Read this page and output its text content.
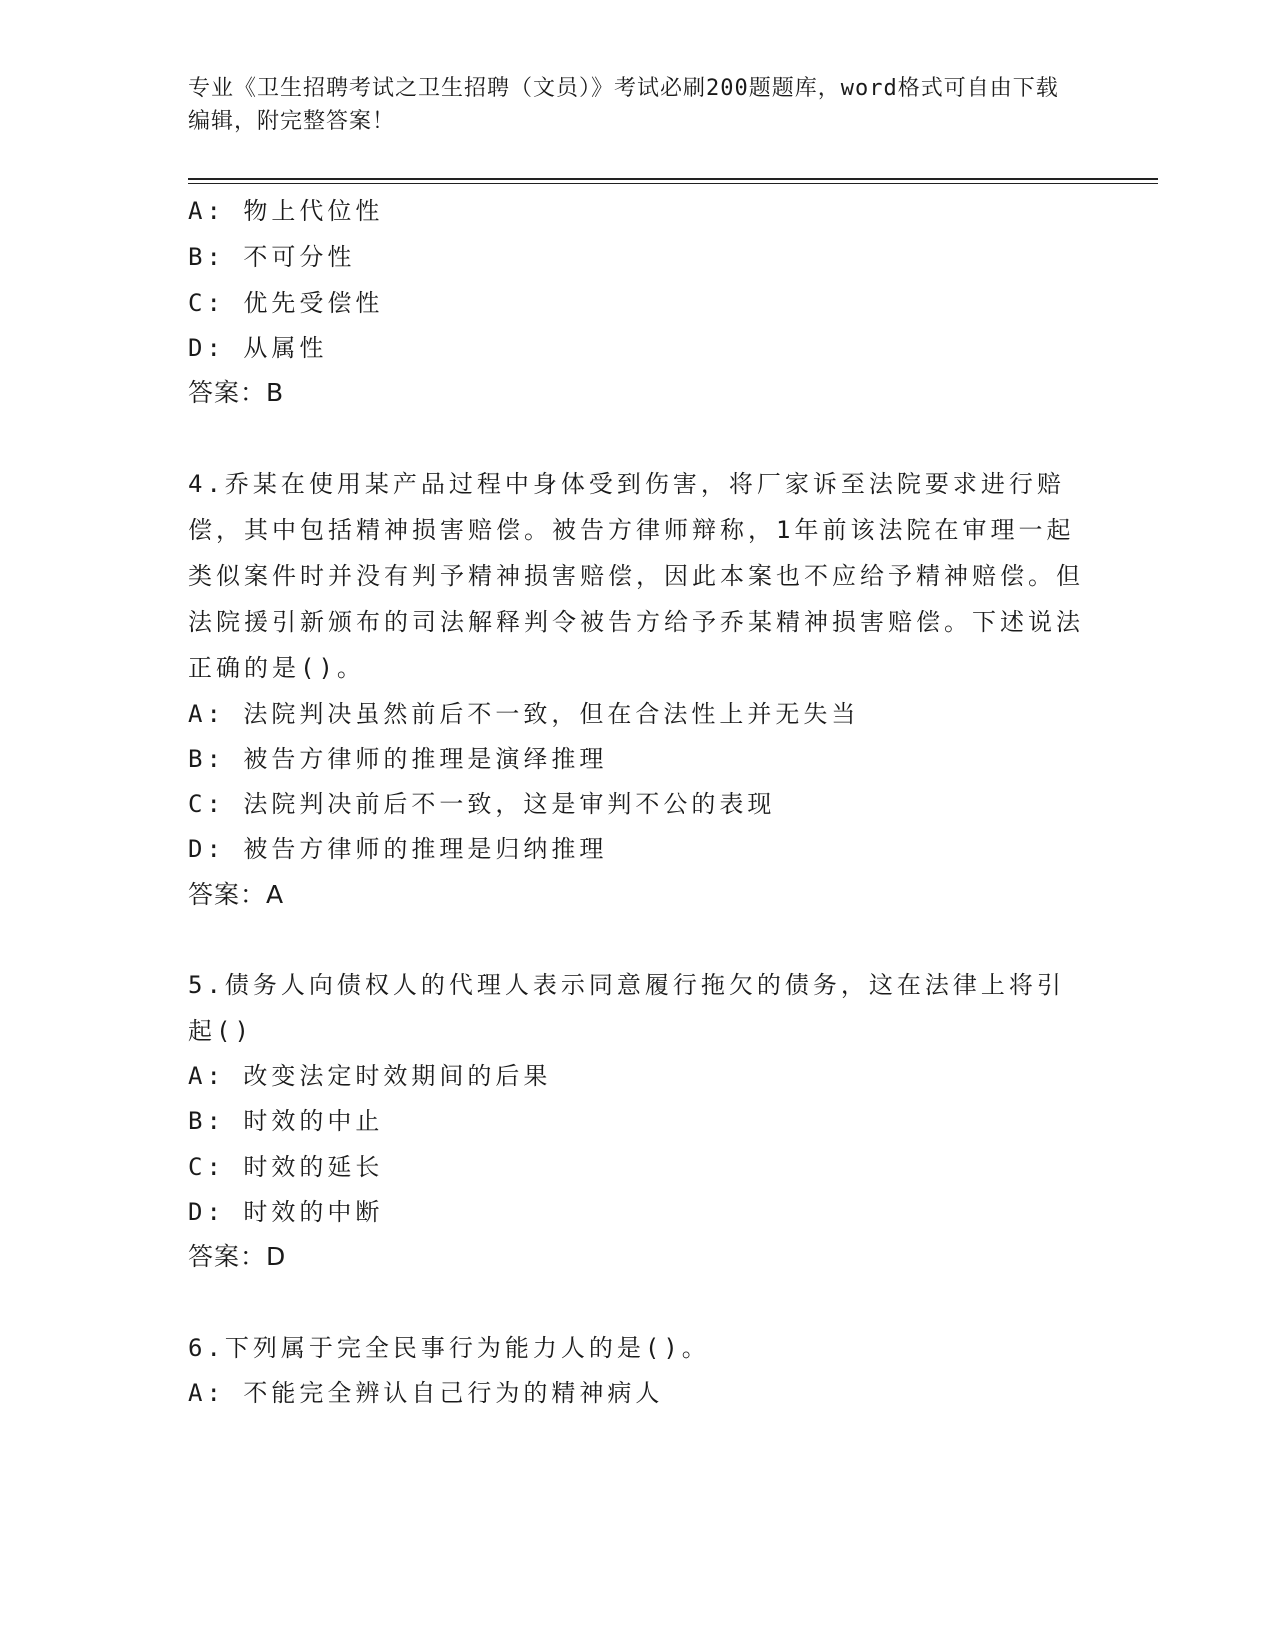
专业《卫生招聘考试之卫生招聘（文员）》考试必刷200题题库，word格式可自由下载编辑，附完整答案！
A: 物上代位性
B: 不可分性
C: 优先受偿性
D: 从属性
答案：B
4.乔某在使用某产品过程中身体受到伤害，将厂家诉至法院要求进行赔偿，其中包括精神损害赔偿。被告方律师辩称，1年前该法院在审理一起类似案件时并没有判予精神损害赔偿，因此本案也不应给予精神赔偿。但法院援引新颁布的司法解释判令被告方给予乔某精神损害赔偿。下述说法正确的是()。
A: 法院判决虽然前后不一致，但在合法性上并无失当
B: 被告方律师的推理是演绎推理
C: 法院判决前后不一致，这是审判不公的表现
D: 被告方律师的推理是归纳推理
答案：A
5.债务人向债权人的代理人表示同意履行拖欠的债务，这在法律上将引起()
A: 改变法定时效期间的后果
B: 时效的中止
C: 时效的延长
D: 时效的中断
答案：D
6.下列属于完全民事行为能力人的是()。
A: 不能完全辨认自己行为的精神病人
